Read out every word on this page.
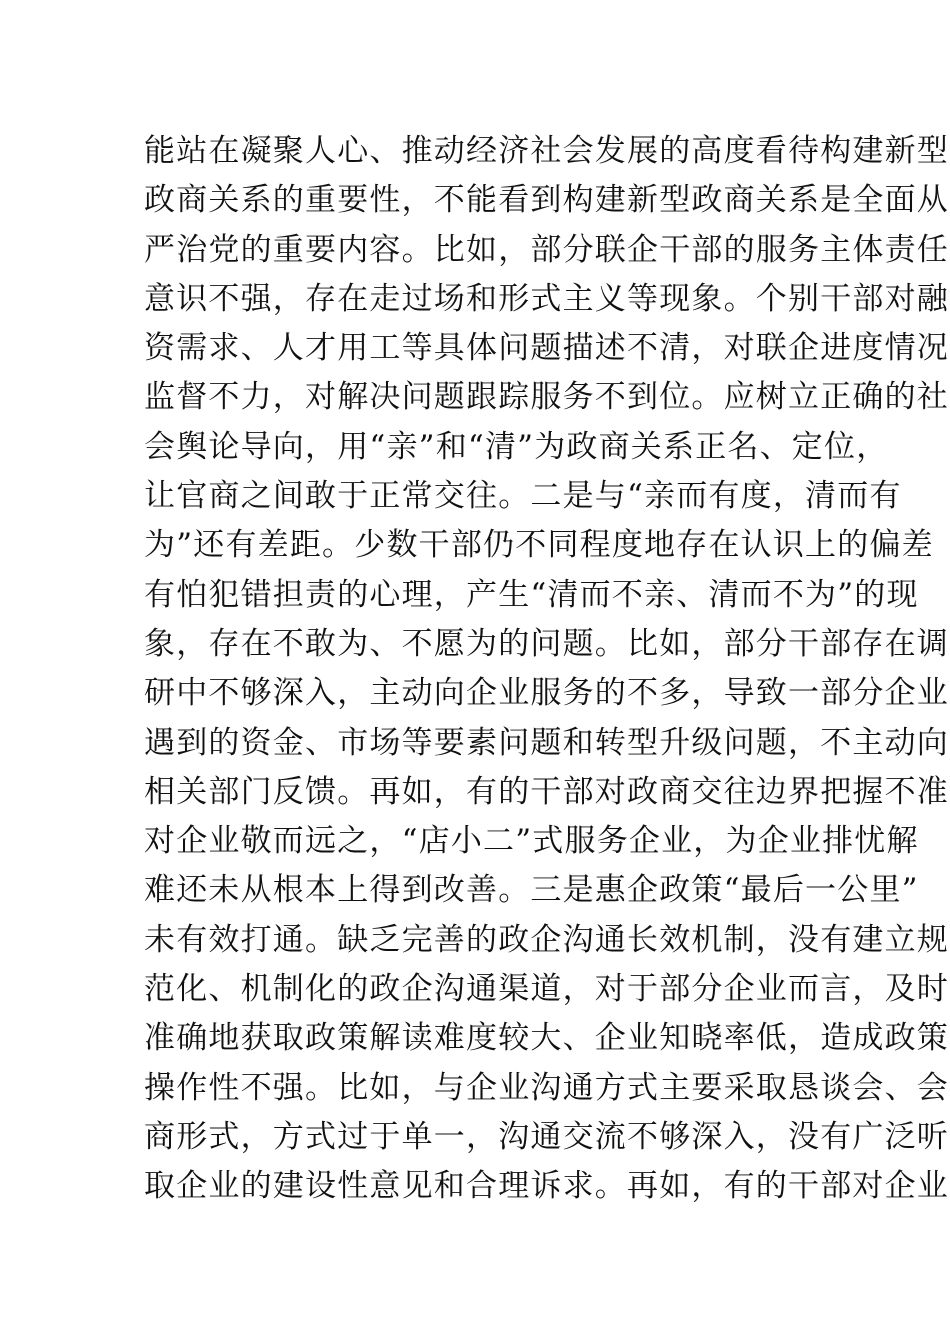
能站在凝聚人心、推动经济社会发展的高度看待构建新型
政商关系的重要性，不能看到构建新型政商关系是全面从
严治党的重要内容。比如，部分联企干部的服务主体责任
意识不强，存在走过场和形式主义等现象。个别干部对融
资需求、人才用工等具体问题描述不清，对联企进度情况
监督不力，对解决问题跟踪服务不到位。应树立正确的社
会舆论导向，用“亲”和“清”为政商关系正名、定位，
让官商之间敢于正常交往。二是与“亲而有度，清而有
为”还有差距。少数干部仍不同程度地存在认识上的偏差
有怕犯错担责的心理，产生“清而不亲、清而不为”的现
象，存在不敢为、不愿为的问题。比如，部分干部存在调
研中不够深入，主动向企业服务的不多，导致一部分企业
遇到的资金、市场等要素问题和转型升级问题，不主动向
相关部门反馈。再如，有的干部对政商交往边界把握不准
对企业敬而远之，“店小二”式服务企业，为企业排忧解
难还未从根本上得到改善。三是惠企政策“最后一公里”
未有效打通。缺乏完善的政企沟通长效机制，没有建立规
范化、机制化的政企沟通渠道，对于部分企业而言，及时
准确地获取政策解读难度较大、企业知晓率低，造成政策
操作性不强。比如，与企业沟通方式主要采取恳谈会、会
商形式，方式过于单一，沟通交流不够深入，没有广泛听
取企业的建设性意见和合理诉求。再如，有的干部对企业
